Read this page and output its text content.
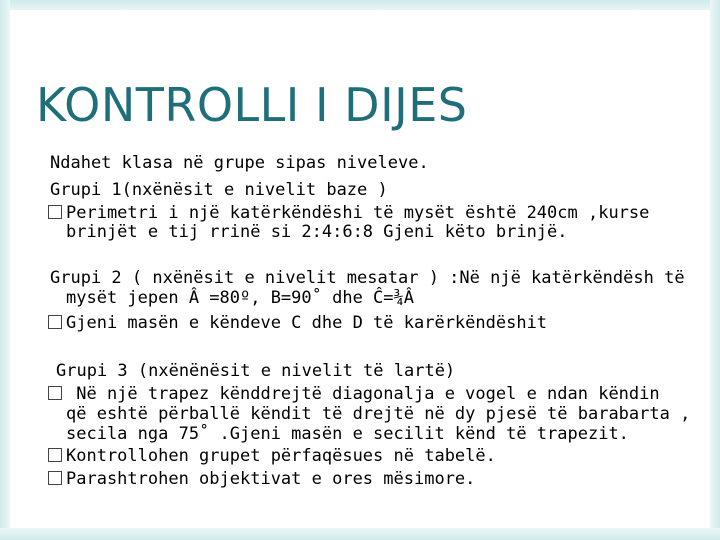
KONTROLLI I DIJES
Ndahet klasa në grupe sipas niveleve.
Grupi 1(nxënësit e nivelit baze )
Perimetri i një katërkëndëshi të mysët është 240cm ,kurse
brinjët e tij rrinë si 2:4:6:8 Gjeni këto brinjë.
Grupi 2 ( nxënësit e nivelit mesatar ) :Në një katërkëndësh të
mysët jepen Â =80º, B=90˚ dhe Ĉ=¾Â
Gjeni masën e këndeve C dhe D të karërkëndëshit
Grupi 3 (nxënënësit e nivelit të lartë)
Në një trapez kënddrejtë diagonalja e vogel e ndan këndin
që eshtë përballë këndit të drejtë në dy pjesë të barabarta ,
secila nga 75˚ .Gjeni masën e secilit kënd të trapezit.
Kontrollohen grupet përfaqësues në tabelë.
Parashtrohen objektivat e ores mësimore.
